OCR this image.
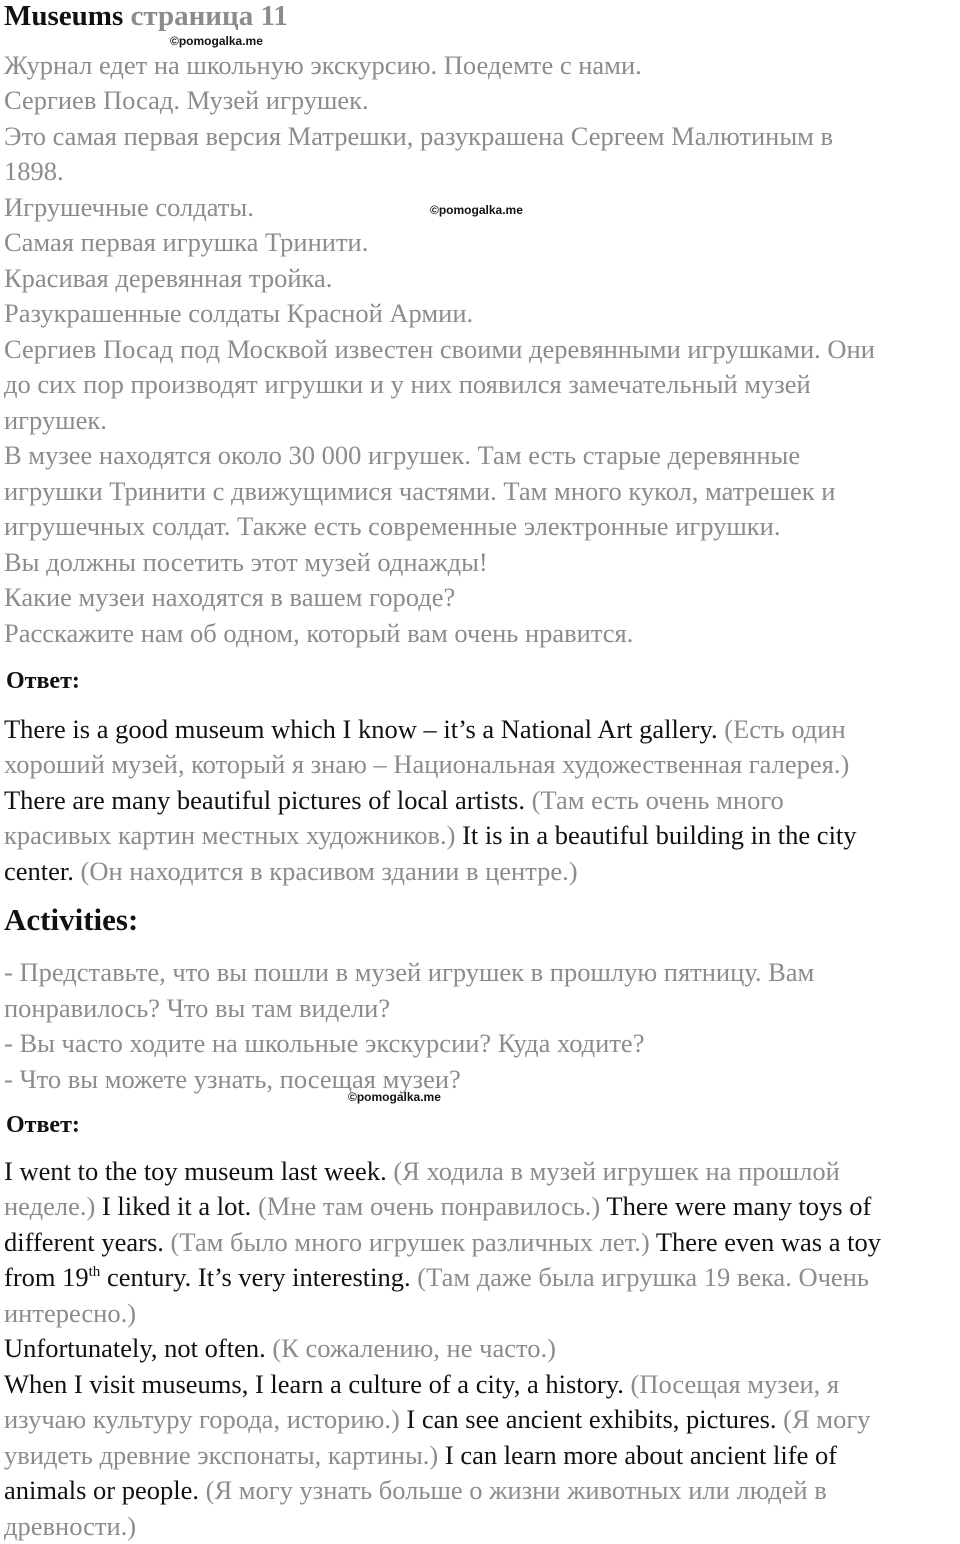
Museums страница 11
©pomogalka.me
©pomogalka.me
©pomogalka.me
Журнал едет на школьную экскурсию. Поедемте с нами.
Сергиев Посад. Музей игрушек.
Это самая первая версия Матрешки, разукрашена Сергеем Малютиным в
1898.
Игрушечные солдаты.
Самая первая игрушка Тринити.
Красивая деревянная тройка.
Разукрашенные солдаты Красной Армии.
Сергиев Посад под Москвой известен своими деревянными игрушками. Они
до сих пор производят игрушки и у них появился замечательный музей
игрушек.
В музее находятся около 30 000 игрушек. Там есть старые деревянные
игрушки Тринити с движущимися частями. Там много кукол, матрешек и
игрушечных солдат. Также есть современные электронные игрушки.
Вы должны посетить этот музей однажды!
Какие музеи находятся в вашем городе?
Расскажите нам об одном, который вам очень нравится.
Ответ:
There is a good museum which I know – it’s a National Art gallery. (Есть один
хороший музей, который я знаю – Национальная художественная галерея.)
There are many beautiful pictures of local artists. (Там есть очень много
красивых картин местных художников.) It is in a beautiful building in the city
center. (Он находится в красивом здании в центре.)
Activities:
- Представьте, что вы пошли в музей игрушек в прошлую пятницу. Вам
понравилось? Что вы там видели?
- Вы часто ходите на школьные экскурсии? Куда ходите?
- Что вы можете узнать, посещая музеи?
Ответ:
I went to the toy museum last week. (Я ходила в музей игрушек на прошлой
неделе.) I liked it a lot. (Мне там очень понравилось.) There were many toys of
different years. (Там было много игрушек различных лет.) There even was a toy
from 19th century. It’s very interesting. (Там даже была игрушка 19 века. Очень
интересно.)
Unfortunately, not often. (К сожалению, не часто.)
When I visit museums, I learn a culture of a city, a history. (Посещая музеи, я
изучаю культуру города, историю.) I can see ancient exhibits, pictures. (Я могу
увидеть древние экспонаты, картины.) I can learn more about ancient life of
animals or people. (Я могу узнать больше о жизни животных или людей в
древности.)
